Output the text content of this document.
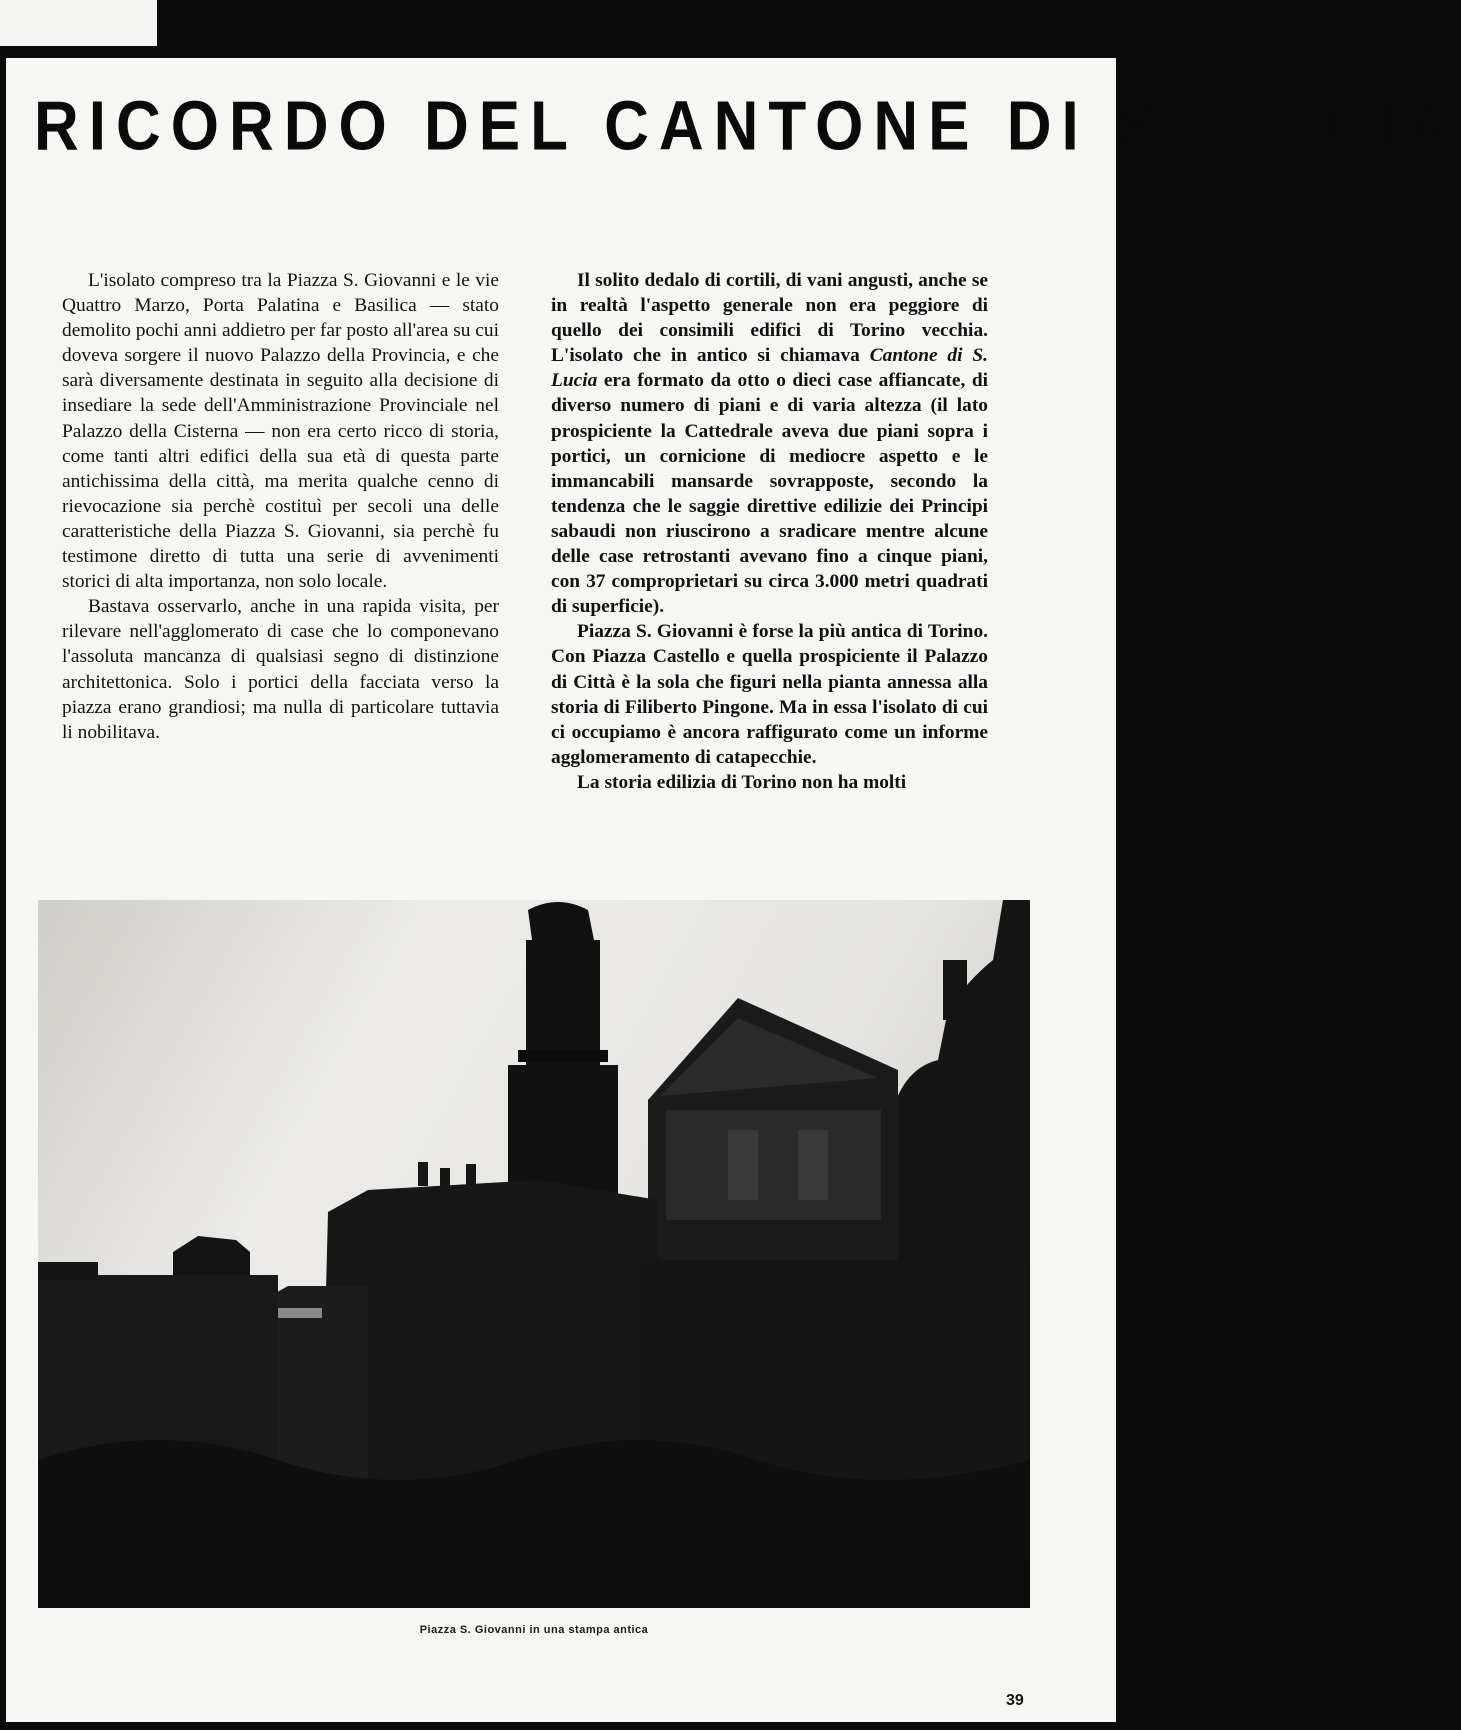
RICORDO DEL CANTONE DI S. LUCIA

L'isolato compreso tra la Piazza S. Giovanni e le vie Quattro Marzo, Porta Palatina e Basilica — stato demolito pochi anni addietro per far posto all'area su cui doveva sorgere il nuovo Palazzo della Provincia, e che sarà diversamente destinata in seguito alla decisione di insediare la sede dell'Amministrazione Provinciale nel Palazzo della Cisterna — non era certo ricco di storia, come tanti altri edifici della sua età di questa parte antichissima della città, ma merita qualche cenno di rievocazione sia perchè costituì per secoli una delle caratteristiche della Piazza S. Giovanni, sia perchè fu testimone diretto di tutta una serie di avvenimenti storici di alta importanza, non solo locale.

Bastava osservarlo, anche in una rapida visita, per rilevare nell'agglomerato di case che lo componevano l'assoluta mancanza di qualsiasi segno di distinzione architettonica. Solo i portici della facciata verso la piazza erano grandiosi; ma nulla di particolare tuttavia li nobilitava.

Il solito dedalo di cortili, di vani angusti, anche se in realtà l'aspetto generale non era peggiore di quello dei consimili edifici di Torino vecchia. L'isolato che in antico si chiamava Cantone di S. Lucia era formato da otto o dieci case affiancate, di diverso numero di piani e di varia altezza (il lato prospiciente la Cattedrale aveva due piani sopra i portici, un cornicione di mediocre aspetto e le immancabili mansarde sovrapposte, secondo la tendenza che le saggie direttive edilizie dei Principi sabaudi non riuscirono a sradicare mentre alcune delle case retrostanti avevano fino a cinque piani, con 37 comproprietari su circa 3.000 metri quadrati di superficie).

Piazza S. Giovanni è forse la più antica di Torino. Con Piazza Castello e quella prospiciente il Palazzo di Città è la sola che figuri nella pianta annessa alla storia di Filiberto Pingone. Ma in essa l'isolato di cui ci occupiamo è ancora raffigurato come un informe agglomeramento di catapecchie.

La storia edilizia di Torino non ha molti

Piazza S. Giovanni in una stampa antica

39
